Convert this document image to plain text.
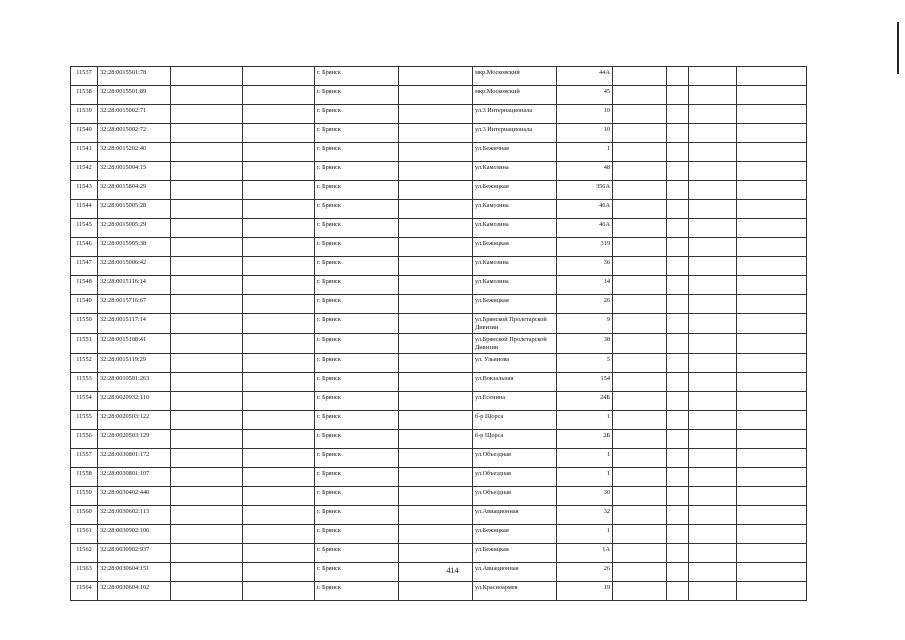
11537	32:28:0015501:78			г. Брянск		мкр.Московский	44А				
11538	32:28:0015501:89			г. Брянск		мкр.Московский	45				
11539	32:28:0015002:71			г. Брянск		ул.3 Интернационала	10				
11540	32:28:0015002:72			г. Брянск		ул.3 Интернационала	10				
11541	32:28:0015202:40			г. Брянск		ул.Бежичная	1				
11542	32:28:0015004:15			г. Брянск		ул.Камозина	48				
11543	32:28:0015804:29			г. Брянск		ул.Бежицкая	356А				
11544	32:28:0015005:28			г. Брянск		ул.Камозина	46А				
11545	32:28:0015005:29			г. Брянск		ул.Камозина	46А				
11546	32:28:0015905:38			г. Брянск		ул.Бежицкая	319				
11547	32:28:0015006:42			г. Брянск		ул.Камозина	36				
11548	32:28:0015116:14			г. Брянск		ул.Камозина	14				
11549	32:28:0015716:67			г. Брянск		ул.Бежицкая	26				
11550	32:28:0015117:14			г. Брянск		ул.Брянской Пролетарской Дивизии	9				
11551	32:28:0015108:41			г. Брянск		ул.Брянской Пролетарской Дивизии	38				
11552	32:28:0015119:29			г. Брянск		ул. Ульянова	5				
11553	32:28:0010501:263			г. Брянск		ул.Вокзальная	154				
11554	32:28:0020932:110			г. Брянск		ул.Есенина	24Б				
11555	32:28:0020503:122			г. Брянск		б-р Щорса	1				
11556	32:28:0020503:129			г. Брянск		б-р Щорса	2Б				
11557	32:28:0030801:172			г. Брянск		ул.Объездная	1				
11558	32:28:0030801:107			г. Брянск		ул.Объездная	1				
11559	32:28:0030402:440			г. Брянск		ул.Объездная	30				
11560	32:28:0030602:113			г. Брянск		ул.Авиационная	32				
11561	32:28:0030902:106			г. Брянск		ул.Бежицкая	1				
11562	32:28:0030902:937			г. Брянск		ул.Бежицкая	1А				
11563	32:28:0030604:151			г. Брянск		ул.Авиационная	26				
11564	32:28:0030604:102			г. Брянск		ул.Красноармея	19				
414
